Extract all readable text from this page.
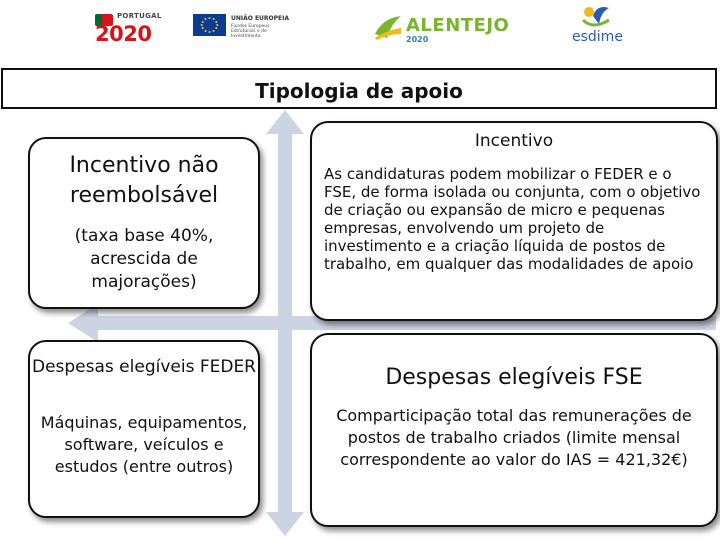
PORTUGAL
2020
UNIÃO EUROPEIA
Fundos Europeus Estruturais e de Investimento
ALENTEJO
2020	esdime
Tipologia de apoio
Incentivo não reembolsável
(taxa base 40%, acrescida de majorações)
Incentivo
As candidaturas podem mobilizar o FEDER e o FSE, de forma isolada ou conjunta, com o objetivo de criação ou expansão de micro e pequenas empresas, envolvendo um projeto de investimento e a criação líquida de postos de trabalho, em qualquer das modalidades de apoio
Despesas elegíveis FEDER
Máquinas, equipamentos, software, veículos e estudos (entre outros)
Despesas elegíveis FSE
Comparticipação total das remunerações de postos de trabalho criados (limite mensal correspondente ao valor do IAS = 421,32€)
